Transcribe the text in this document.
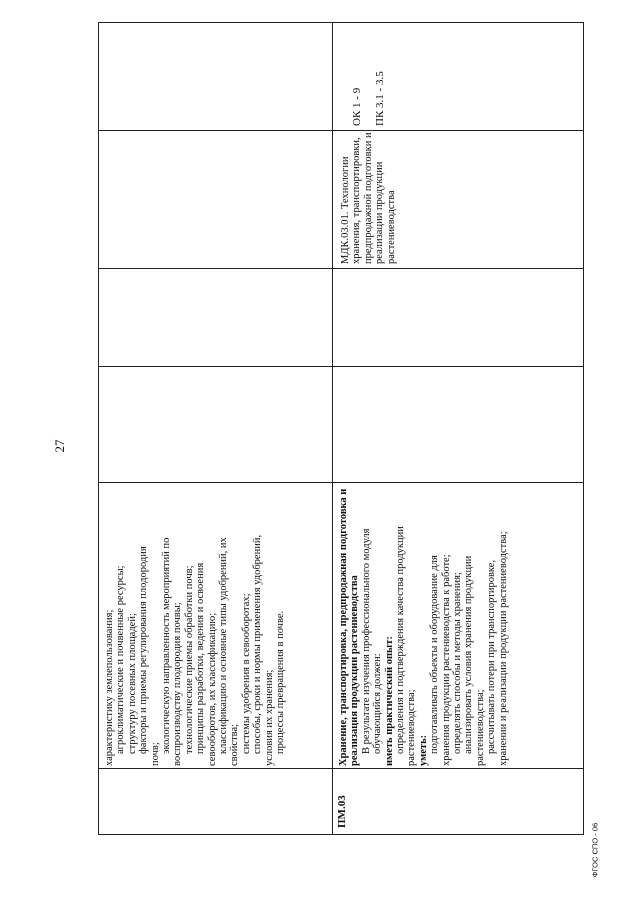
27
ФГОС СПО - 06

характеристику землепользования; агроклиматические и почвенные ресурсы; структуру посевных площадей; факторы и приемы регулирования плодородия

почв;

экологическую направленность мероприятий по воспроизводству плодородия почвы; технологические приемы обработки почв; принципы разработки, ведения и освоения севооборотов, их классификацию; классификацию и основные типы удобрений, их свойства; системы удобрения в севооборотах; способы, сроки и нормы применения удобрений, условия их хранения; процессы превращения в почве.

ПМ.03

Хранение, транспортировка, предпродажная подготовка и реализация продукции растениеводства В результате изучения профессионального модуля обучающийся должен: иметь практический опыт: определения и подтверждения качества продукции растениеводства; уметь: подготавливать объекты и оборудование для хранения продукции растениеводства к работе; определять способы и методы хранения; анализировать условия хранения продукции растениеводства; рассчитывать потери при транспортировке, хранении и реализации продукции растениеводства;

МДК.03.01. Технологии хранения, транспортировки, предпродажной подготовки и реализации продукции растениеводства

ОК 1 - 9 ПК 3.1 - 3.5
